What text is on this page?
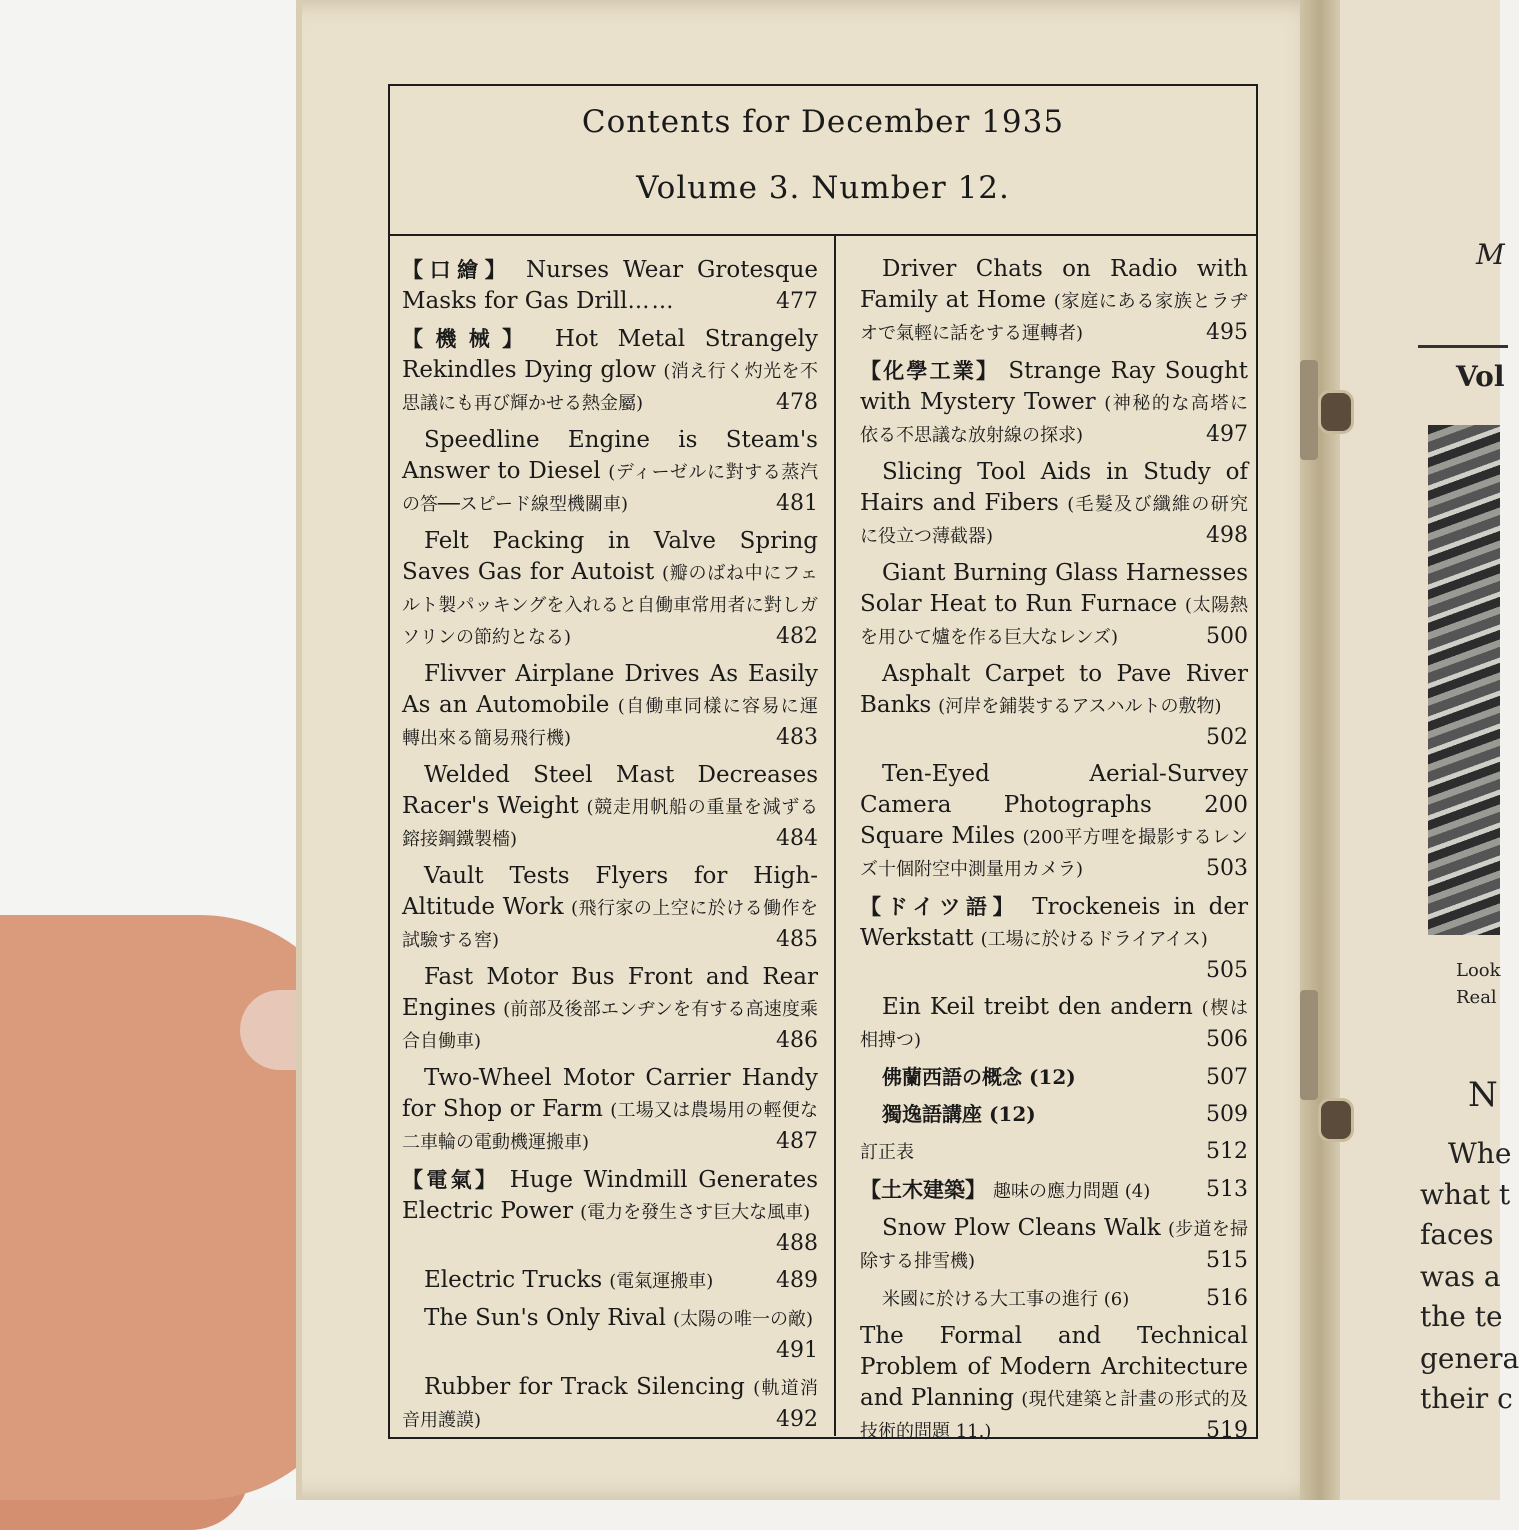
M
Vol
Look
Real
N
Whe
what t
faces
was a
the te
genera
their c
Contents for December 1935
Volume 3. Number 12.
【口繪】 Nurses Wear Grotesque Masks for Gas Drill……	477
【機械】 Hot Metal Strangely Rekindles Dying glow (消え行く灼光を不思議にも再び輝かせる熱金屬)	478
Speedline Engine is Steam's Answer to Diesel (ディーゼルに對する蒸汽の答──スピード線型機關車)	481
Felt Packing in Valve Spring Saves Gas for Autoist (瓣のばね中にフェルト製パッキングを入れると自働車常用者に對しガソリンの節約となる)	482
Flivver Airplane Drives As Easily As an Automobile (自働車同樣に容易に運轉出來る簡易飛行機)	483
Welded Steel Mast Decreases Racer's Weight (競走用帆船の重量を減ずる鎔接鋼鐵製檣)	484
Vault Tests Flyers for High-Altitude Work (飛行家の上空に於ける働作を試驗する窖)	485
Fast Motor Bus Front and Rear Engines (前部及後部エンヂンを有する高速度乘合自働車)	486
Two-Wheel Motor Carrier Handy for Shop or Farm (工場又は農場用の輕便な二車輪の電動機運搬車)	487
【電氣】 Huge Windmill Generates Electric Power (電力を發生さす巨大な風車)
488
Electric Trucks (電氣運搬車)	489
The Sun's Only Rival (太陽の唯一の敵)
491
Rubber for Track Silencing (軌道消音用護謨)	492
Driver Chats on Radio with Family at Home (家庭にある家族とラヂオで氣輕に話をする運轉者)	495
【化學工業】 Strange Ray Sought with Mystery Tower (神秘的な高塔に依る不思議な放射線の探求)	497
Slicing Tool Aids in Study of Hairs and Fibers (毛髮及び纖維の研究に役立つ薄截器)	498
Giant Burning Glass Harnesses Solar Heat to Run Furnace (太陽熱を用ひて爐を作る巨大なレンズ)	500
Asphalt Carpet to Pave River Banks (河岸を鋪裝するアスハルトの敷物)
502
Ten-Eyed Aerial-Survey Camera Photographs 200 Square Miles (200平方哩を撮影するレンズ十個附空中測量用カメラ)	503
【ドイツ語】 Trockeneis in der Werkstatt (工場に於けるドライアイス)
505
Ein Keil treibt den andern (楔は相搏つ)	506
佛蘭西語の概念 (12)	507
獨逸語講座 (12)	509
訂正表	512
【土木建築】 趣味の應力問題 (4)	513
Snow Plow Cleans Walk (步道を掃除する排雪機)	515
米國に於ける大工事の進行 (6)	516
The Formal and Technical Problem of Modern Architecture and Planning (現代建築と計畫の形式的及技術的問題 11.)	519
